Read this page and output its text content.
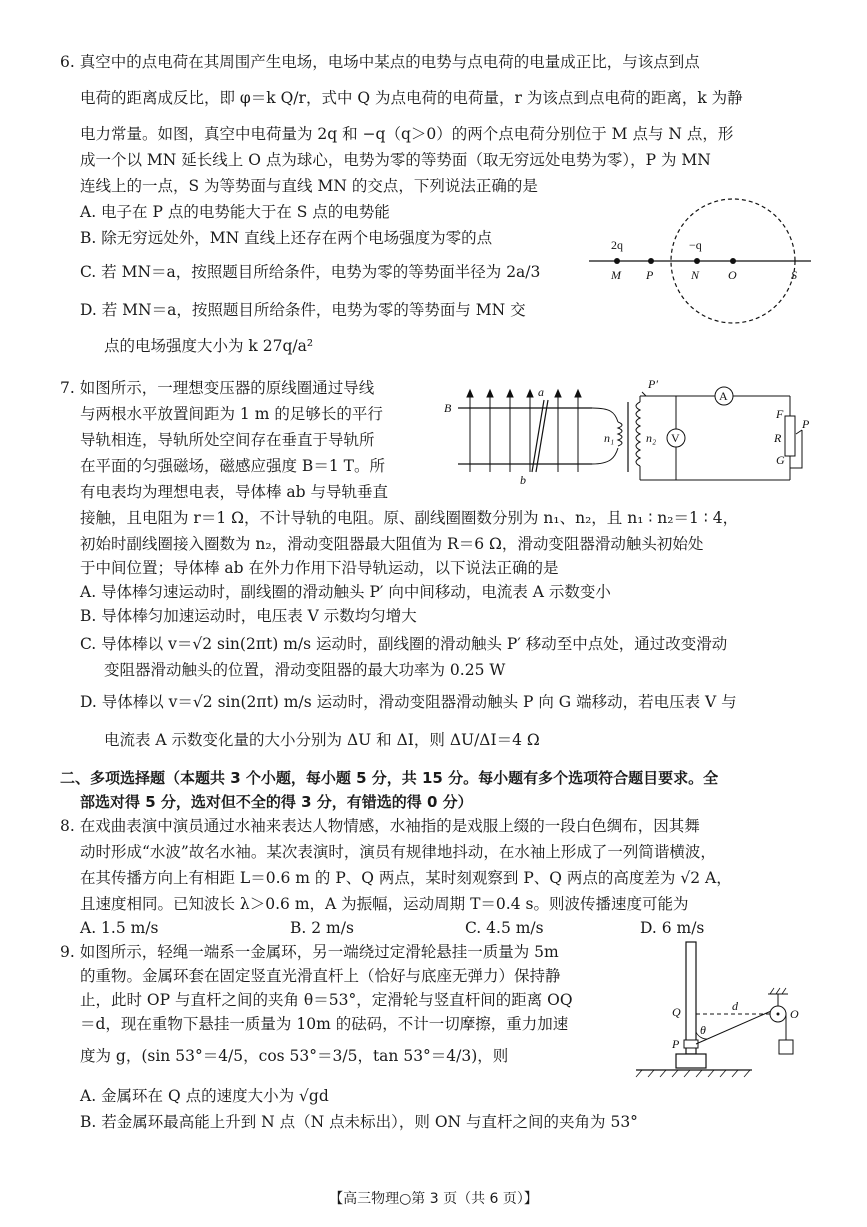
6. 真空中的点电荷在其周围产生电场，电场中某点的电势与点电荷的电量成正比，与该点到点
电荷的距离成反比，即 φ＝k Q/r，式中 Q 为点电荷的电荷量，r 为该点到点电荷的距离，k 为静
电力常量。如图，真空中电荷量为 2q 和 −q（q＞0）的两个点电荷分别位于 M 点与 N 点，形
成一个以 MN 延长线上 O 点为球心，电势为零的等势面（取无穷远处电势为零），P 为 MN
连线上的一点，S 为等势面与直线 MN 的交点，下列说法正确的是
A. 电子在 P 点的电势能大于在 S 点的电势能
B. 除无穷远处外，MN 直线上还存在两个电场强度为零的点
C. 若 MN＝a，按照题目所给条件，电势为零的等势面半径为 2a/3
D. 若 MN＝a，按照题目所给条件，电势为零的等势面与 MN 交
点的电场强度大小为 k 27q/a²
2q	−q
M P	N O	S
7. 如图所示，一理想变压器的原线圈通过导线
与两根水平放置间距为 1 m 的足够长的平行
导轨相连，导轨所处空间存在垂直于导轨所
在平面的匀强磁场，磁感应强度 B＝1 T。所
有电表均为理想电表，导体棒 ab 与导轨垂直
接触，且电阻为 r＝1 Ω，不计导轨的电阻。原、副线圈圈数分别为 n₁、n₂，且 n₁ ∶ n₂＝1 ∶ 4，
初始时副线圈接入圈数为 n₂，滑动变阻器最大阻值为 R＝6 Ω，滑动变阻器滑动触头初始处
于中间位置；导体棒 ab 在外力作用下沿导轨运动，以下说法正确的是
A. 导体棒匀速运动时，副线圈的滑动触头 P′ 向中间移动，电流表 A 示数变小
B. 导体棒匀加速运动时，电压表 V 示数均匀增大
C. 导体棒以 v＝√2 sin(2πt) m/s 运动时，副线圈的滑动触头 P′ 移动至中点处，通过改变滑动
变阻器滑动触头的位置，滑动变阻器的最大功率为 0.25 W
D. 导体棒以 v＝√2 sin(2πt) m/s 运动时，滑动变阻器滑动触头 P 向 G 端移动，若电压表 V 与
电流表 A 示数变化量的大小分别为 ΔU 和 ΔI，则 ΔU/ΔI＝4 Ω
B
a
b
P′
A
V
n₁	n₂
F
R
P
G
二、多项选择题（本题共 3 个小题，每小题 5 分，共 15 分。每小题有多个选项符合题目要求。全
部选对得 5 分，选对但不全的得 3 分，有错选的得 0 分）
8. 在戏曲表演中演员通过水袖来表达人物情感，水袖指的是戏服上缀的一段白色绸布，因其舞
动时形成“水波”故名水袖。某次表演时，演员有规律地抖动，在水袖上形成了一列简谐横波，
在其传播方向上有相距 L＝0.6 m 的 P、Q 两点，某时刻观察到 P、Q 两点的高度差为 √2 A，
且速度相同。已知波长 λ＞0.6 m，A 为振幅，运动周期 T＝0.4 s。则波传播速度可能为
A. 1.5 m/s	B. 2 m/s	C. 4.5 m/s	D. 6 m/s
9. 如图所示，轻绳一端系一金属环，另一端绕过定滑轮悬挂一质量为 5m
的重物。金属环套在固定竖直光滑直杆上（恰好与底座无弹力）保持静
止，此时 OP 与直杆之间的夹角 θ＝53°，定滑轮与竖直杆间的距离 OQ
＝d，现在重物下悬挂一质量为 10m 的砝码，不计一切摩擦，重力加速
度为 g，(sin 53°＝4/5，cos 53°＝3/5，tan 53°＝4/3)，则
A. 金属环在 Q 点的速度大小为 √gd
B. 若金属环最高能上升到 N 点（N 点未标出），则 ON 与直杆之间的夹角为 53°
Q	d
O
P
θ
【高三物理○第 3 页（共 6 页）】
